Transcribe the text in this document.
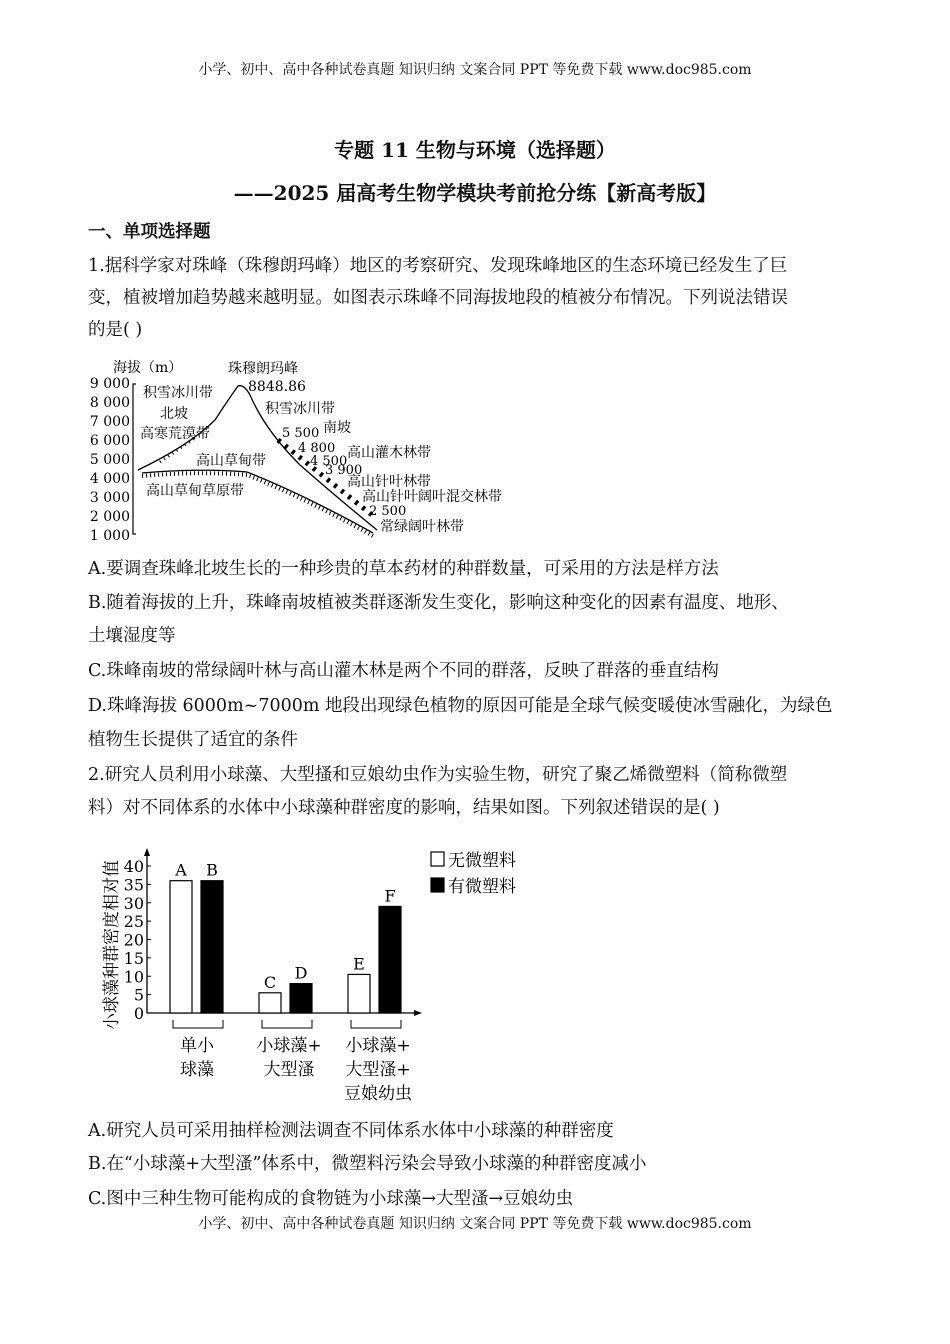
小学、初中、高中各种试卷真题 知识归纳 文案合同 PPT 等免费下载 www.doc985.com
专题 11 生物与环境（选择题）
——2025 届高考生物学模块考前抢分练【新高考版】
一、单项选择题
1.据科学家对珠峰（珠穆朗玛峰）地区的考察研究、发现珠峰地区的生态环境已经发生了巨
变，植被增加趋势越来越明显。如图表示珠峰不同海拔地段的植被分布情况。下列说法错误
的是( )
9 000
8 000
7 000
6 000
5 000
4 000
3 000
2 000
1 000
海拔（m）	珠穆朗玛峰
8848.86
积雪冰川带
北坡
高寒荒漠带
高山草甸带
高山草甸草原带
积雪冰川带
南坡
5 500
4 800
4 500
3 900
2 500
高山灌木林带
高山针叶林带
高山针叶阔叶混交林带
常绿阔叶林带
A.要调查珠峰北坡生长的一种珍贵的草本药材的种群数量，可采用的方法是样方法
B.随着海拔的上升，珠峰南坡植被类群逐渐发生变化，影响这种变化的因素有温度、地形、
土壤湿度等
C.珠峰南坡的常绿阔叶林与高山灌木林是两个不同的群落，反映了群落的垂直结构
D.珠峰海拔 6000m~7000m 地段出现绿色植物的原因可能是全球气候变暖使冰雪融化，为绿色
植物生长提供了适宜的条件
2.研究人员利用小球藻、大型搔和豆娘幼虫作为实验生物，研究了聚乙烯微塑料（简称微塑
料）对不同体系的水体中小球藻种群密度的影响，结果如图。下列叙述错误的是( )
小球藻种群密度相对值 0
5
10
15
20
25
30
35
40 A B
单小
球藻
C D
小球藻+
大型溞
E
F
小球藻+
大型溞+
豆娘幼虫
无微塑料
有微塑料
A.研究人员可采用抽样检测法调查不同体系水体中小球藻的种群密度
B.在“小球藻+大型溞”体系中，微塑料污染会导致小球藻的种群密度减小
C.图中三种生物可能构成的食物链为小球藻→大型溞→豆娘幼虫
小学、初中、高中各种试卷真题 知识归纳 文案合同 PPT 等免费下载 www.doc985.com
